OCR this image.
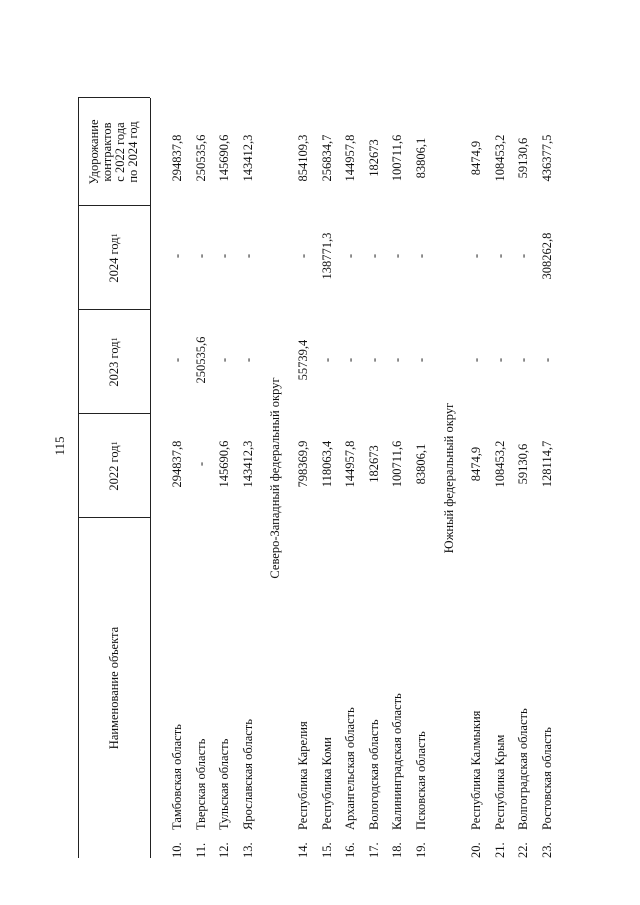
115
Наименование объекта
2022 год
1
2023 год
1
2024 год
1
Удорожание контрактов с 2022 года по 2024 год
10.
Тамбовская область
294837,8
-
-
294837,8
11.
Тверская область
-
250535,6
-
250535,6
12.
Тульская область
145690,6
-
-
145690,6
13.
Ярославская область
143412,3
-
-
143412,3
Северо-Западный федеральный округ
14.
Республика Карелия
798369,9
55739,4
-
854109,3
15.
Республика Коми
118063,4
-
138771,3
256834,7
16.
Архангельская область
144957,8
-
-
144957,8
17.
Вологодская область
182673
-
-
182673
18.
Калининградская область
100711,6
-
-
100711,6
19.
Псковская область
83806,1
-
-
83806,1
Южный федеральный округ
20.
Республика Калмыкия
8474,9
-
-
8474,9
21.
Республика Крым
108453,2
-
-
108453,2
22.
Волгоградская область
59130,6
-
-
59130,6
23.
Ростовская область
128114,7
-
308262,8
436377,5
